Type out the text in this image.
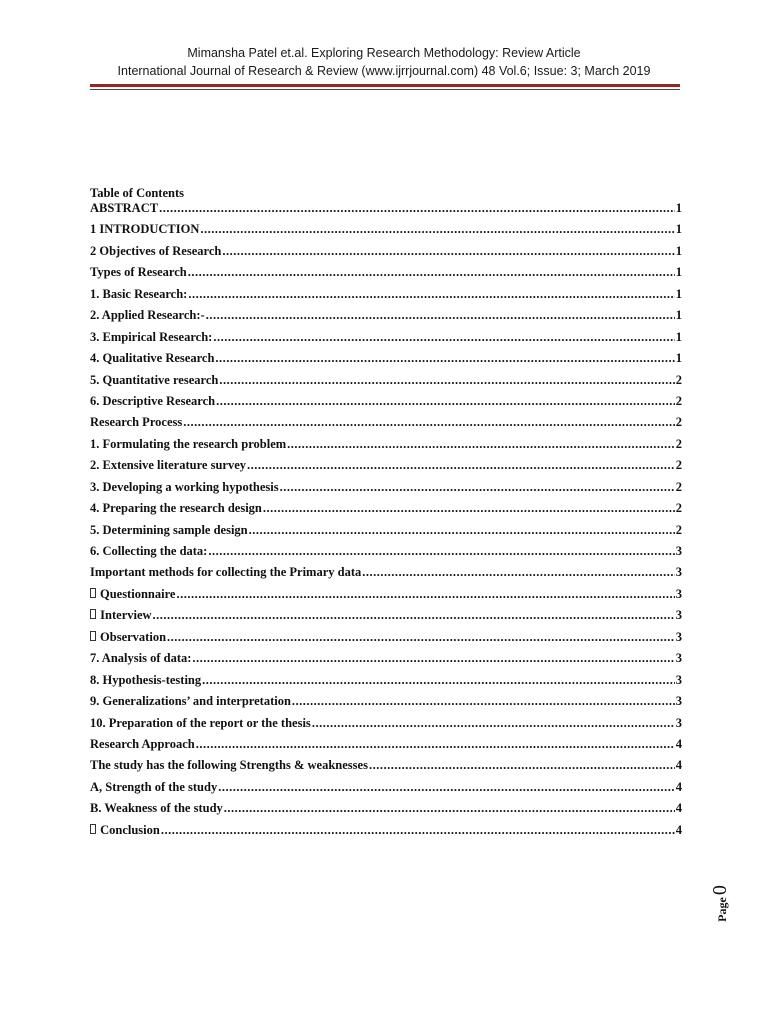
Mimansha Patel et.al. Exploring Research Methodology: Review Article
International Journal of Research & Review (www.ijrrjournal.com) 48 Vol.6; Issue: 3; March 2019
Table of Contents
ABSTRACT .....	1
1 INTRODUCTION .....	1
2 Objectives of Research .....	1
Types of Research .....	1
1. Basic Research: .....	1
2. Applied Research:- .....	1
3. Empirical Research: .....	1
4. Qualitative Research .....	1
5. Quantitative research .....	2
6. Descriptive Research .....	2
Research Process .....	2
1. Formulating the research problem .....	2
2. Extensive literature survey .....	2
3. Developing a working hypothesis .....	2
4. Preparing the research design .....	2
5. Determining sample design .....	2
6. Collecting the data: .....	3
Important methods for collecting the Primary data .....	3
Questionnaire .....	3
Interview .....	3
Observation .....	3
7. Analysis of data: .....	3
8. Hypothesis-testing .....	3
9. Generalizations’ and interpretation .....	3
10. Preparation of the report or the thesis .....	3
Research Approach .....	4
The study has the following Strengths & weaknesses .....	4
A, Strength of the study .....	4
B. Weakness of the study .....	4
Conclusion .....	4
Page0
